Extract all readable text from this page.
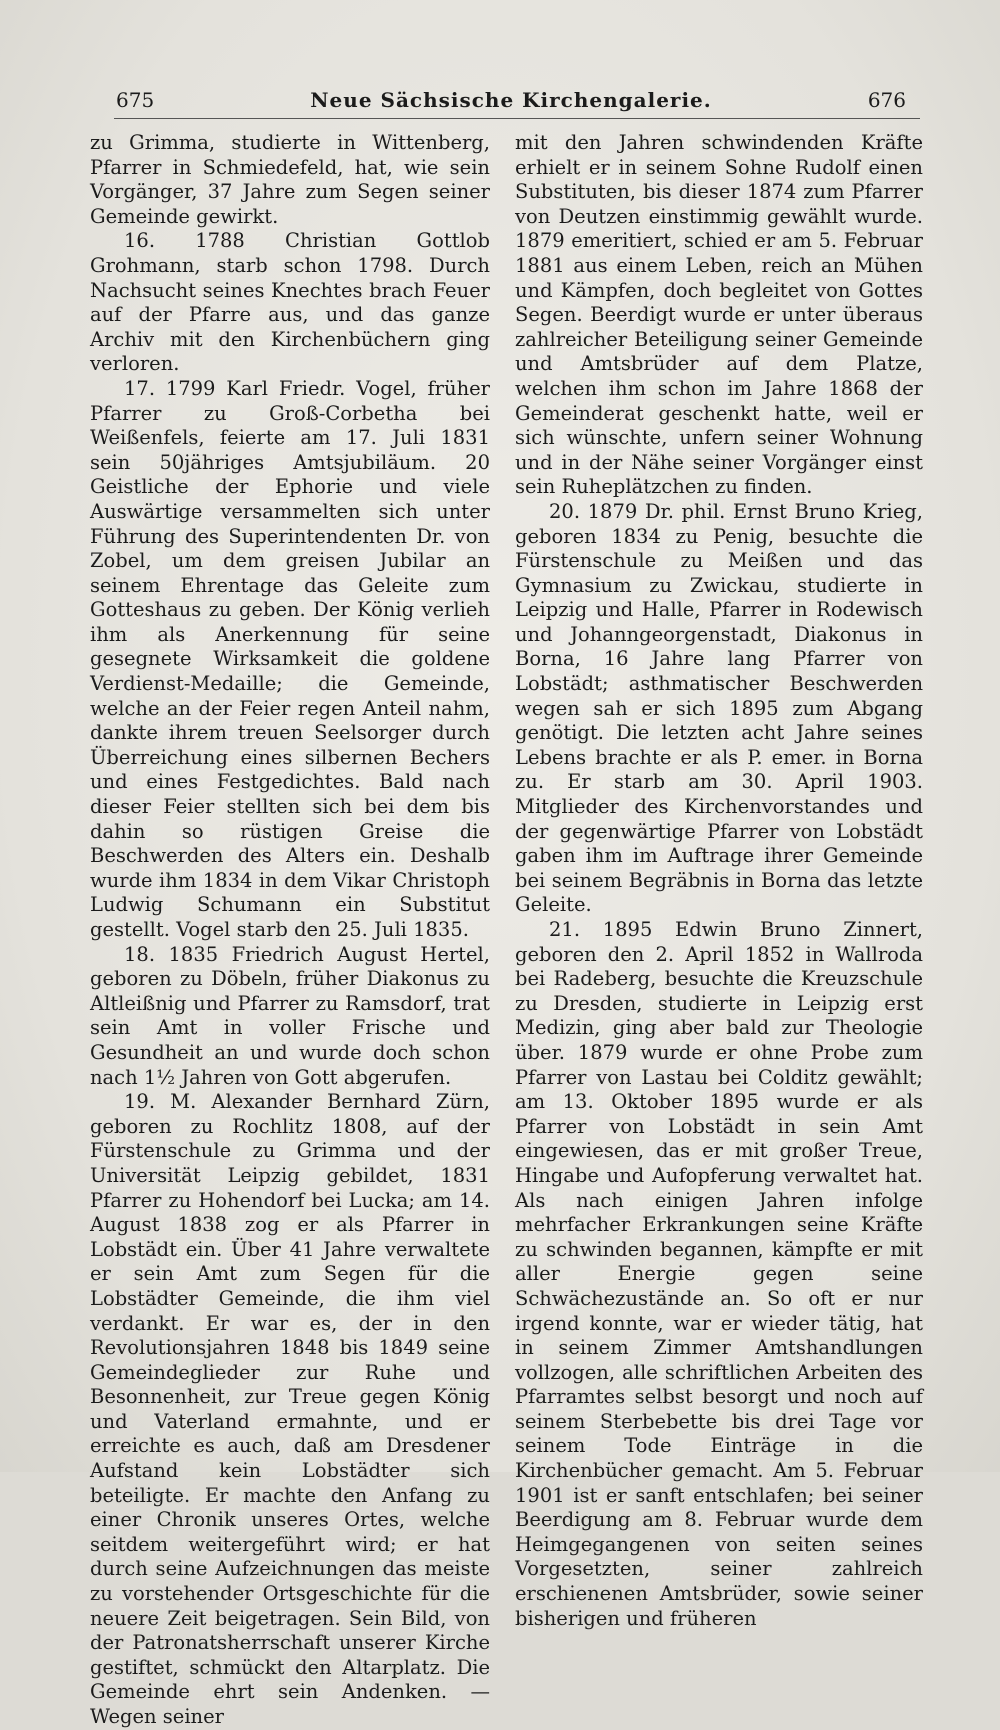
675	Neue Sächsische Kirchengalerie.	676

zu Grimma, studierte in Wittenberg, Pfarrer in Schmiedefeld, hat, wie sein Vorgänger, 37 Jahre zum Segen seiner Gemeinde gewirkt.

16. 1788 Christian Gottlob Grohmann, starb schon 1798. Durch Nachsucht seines Knechtes brach Feuer auf der Pfarre aus, und das ganze Archiv mit den Kirchenbüchern ging verloren.

17. 1799 Karl Friedr. Vogel, früher Pfarrer zu Groß-Corbetha bei Weißenfels, feierte am 17. Juli 1831 sein 50jähriges Amtsjubiläum. 20 Geistliche der Ephorie und viele Auswärtige versammelten sich unter Führung des Superintendenten Dr. von Zobel, um dem greisen Jubilar an seinem Ehrentage das Geleite zum Gotteshaus zu geben. Der König verlieh ihm als Anerkennung für seine gesegnete Wirksamkeit die goldene Verdienst-Medaille; die Gemeinde, welche an der Feier regen Anteil nahm, dankte ihrem treuen Seelsorger durch Überreichung eines silbernen Bechers und eines Festgedichtes. Bald nach dieser Feier stellten sich bei dem bis dahin so rüstigen Greise die Beschwerden des Alters ein. Deshalb wurde ihm 1834 in dem Vikar Christoph Ludwig Schumann ein Substitut gestellt. Vogel starb den 25. Juli 1835.

18. 1835 Friedrich August Hertel, geboren zu Döbeln, früher Diakonus zu Altleißnig und Pfarrer zu Ramsdorf, trat sein Amt in voller Frische und Gesundheit an und wurde doch schon nach 1½ Jahren von Gott abgerufen.

19. M. Alexander Bernhard Zürn, geboren zu Rochlitz 1808, auf der Fürstenschule zu Grimma und der Universität Leipzig gebildet, 1831 Pfarrer zu Hohendorf bei Lucka; am 14. August 1838 zog er als Pfarrer in Lobstädt ein. Über 41 Jahre verwaltete er sein Amt zum Segen für die Lobstädter Gemeinde, die ihm viel verdankt. Er war es, der in den Revolutionsjahren 1848 bis 1849 seine Gemeindeglieder zur Ruhe und Besonnenheit, zur Treue gegen König und Vaterland ermahnte, und er erreichte es auch, daß am Dresdener Aufstand kein Lobstädter sich beteiligte. Er machte den Anfang zu einer Chronik unseres Ortes, welche seitdem weitergeführt wird; er hat durch seine Aufzeichnungen das meiste zu vorstehender Ortsgeschichte für die neuere Zeit beigetragen. Sein Bild, von der Patronatsherrschaft unserer Kirche gestiftet, schmückt den Altarplatz. Die Gemeinde ehrt sein Andenken. — Wegen seiner

mit den Jahren schwindenden Kräfte erhielt er in seinem Sohne Rudolf einen Substituten, bis dieser 1874 zum Pfarrer von Deutzen einstimmig gewählt wurde. 1879 emeritiert, schied er am 5. Februar 1881 aus einem Leben, reich an Mühen und Kämpfen, doch begleitet von Gottes Segen. Beerdigt wurde er unter überaus zahlreicher Beteiligung seiner Gemeinde und Amtsbrüder auf dem Platze, welchen ihm schon im Jahre 1868 der Gemeinderat geschenkt hatte, weil er sich wünschte, unfern seiner Wohnung und in der Nähe seiner Vorgänger einst sein Ruheplätzchen zu finden.

20. 1879 Dr. phil. Ernst Bruno Krieg, geboren 1834 zu Penig, besuchte die Fürstenschule zu Meißen und das Gymnasium zu Zwickau, studierte in Leipzig und Halle, Pfarrer in Rodewisch und Johanngeorgenstadt, Diakonus in Borna, 16 Jahre lang Pfarrer von Lobstädt; asthmatischer Beschwerden wegen sah er sich 1895 zum Abgang genötigt. Die letzten acht Jahre seines Lebens brachte er als P. emer. in Borna zu. Er starb am 30. April 1903. Mitglieder des Kirchenvorstandes und der gegenwärtige Pfarrer von Lobstädt gaben ihm im Auftrage ihrer Gemeinde bei seinem Begräbnis in Borna das letzte Geleite.

21. 1895 Edwin Bruno Zinnert, geboren den 2. April 1852 in Wallroda bei Radeberg, besuchte die Kreuzschule zu Dresden, studierte in Leipzig erst Medizin, ging aber bald zur Theologie über. 1879 wurde er ohne Probe zum Pfarrer von Lastau bei Colditz gewählt; am 13. Oktober 1895 wurde er als Pfarrer von Lobstädt in sein Amt eingewiesen, das er mit großer Treue, Hingabe und Aufopferung verwaltet hat. Als nach einigen Jahren infolge mehrfacher Erkrankungen seine Kräfte zu schwinden begannen, kämpfte er mit aller Energie gegen seine Schwächezustände an. So oft er nur irgend konnte, war er wieder tätig, hat in seinem Zimmer Amtshandlungen vollzogen, alle schriftlichen Arbeiten des Pfarramtes selbst besorgt und noch auf seinem Sterbebette bis drei Tage vor seinem Tode Einträge in die Kirchenbücher gemacht. Am 5. Februar 1901 ist er sanft entschlafen; bei seiner Beerdigung am 8. Februar wurde dem Heimgegangenen von seiten seines Vorgesetzten, seiner zahlreich erschienenen Amtsbrüder, sowie seiner bisherigen und früheren
